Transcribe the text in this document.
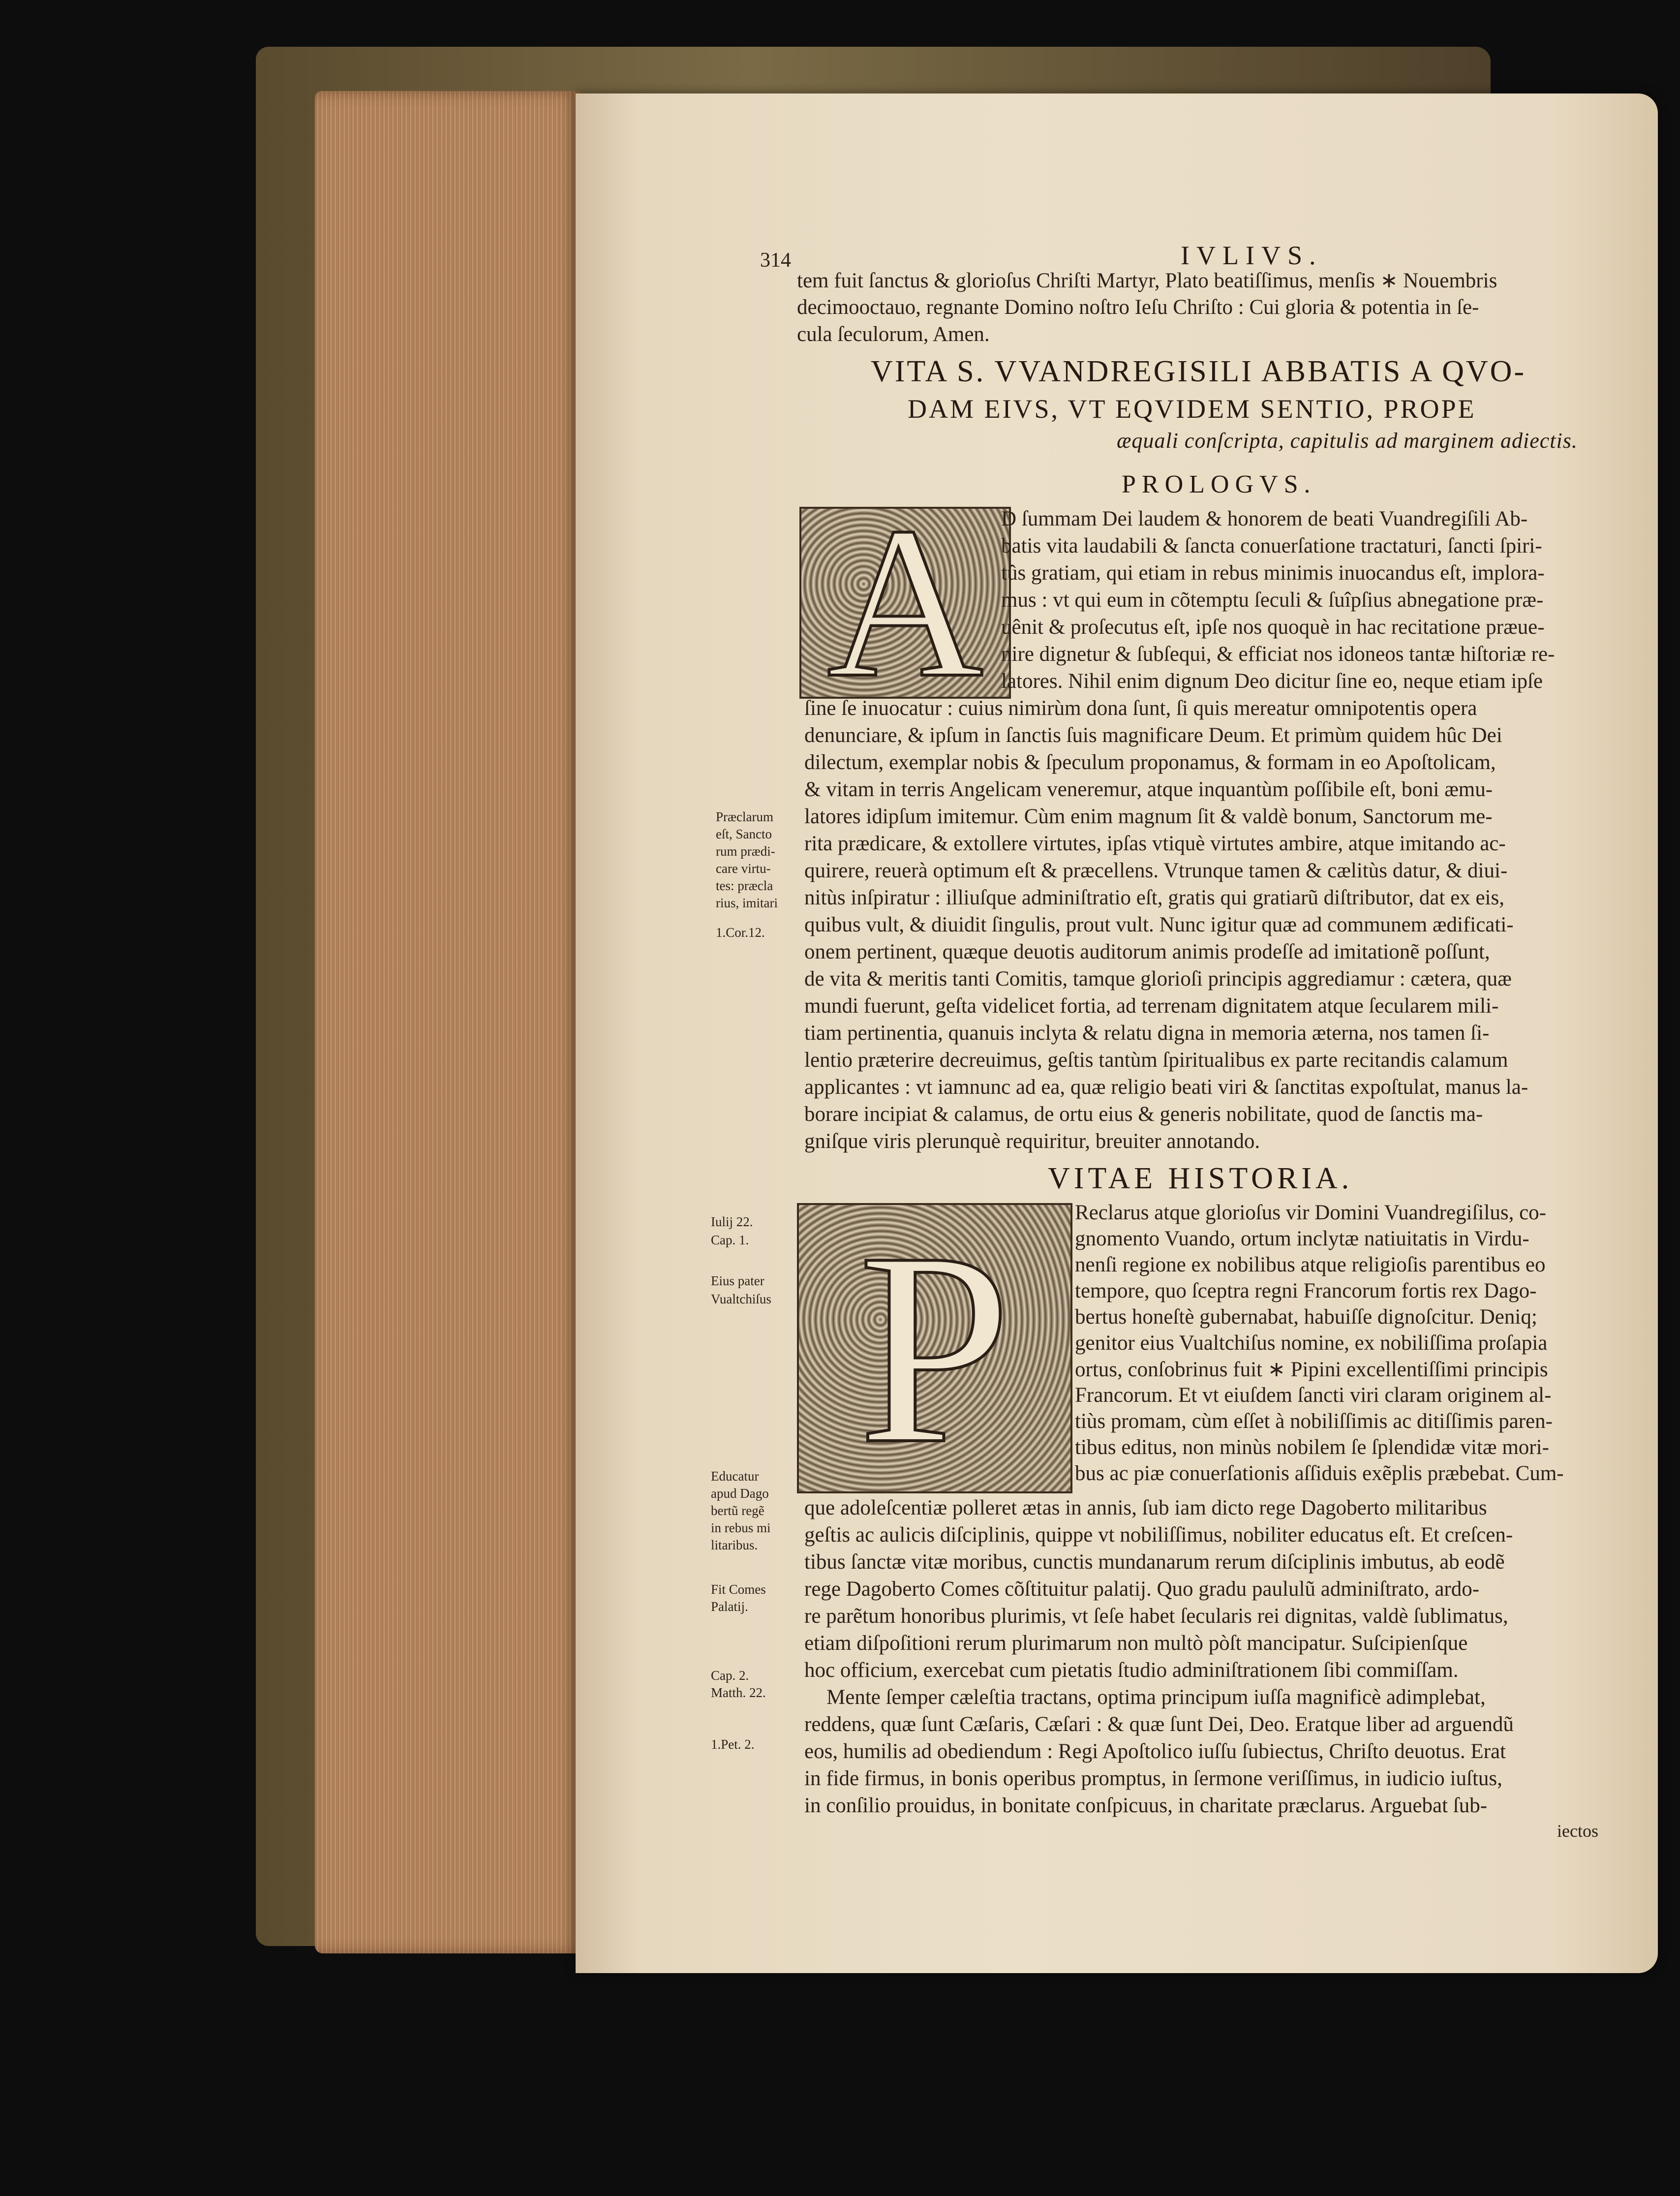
314	IVLIVS.
tem fuit ſanctus & glorioſus Chriſti Martyr, Plato beatiſſimus, menſis ∗ Nouembris
decimooctauo, regnante Domino noſtro Ieſu Chriſto : Cui gloria & potentia in ſe-
cula ſeculorum, Amen.
VITA S. VVANDREGISILI ABBATIS A QVO-
DAM EIVS, VT EQVIDEM SENTIO, PROPE
æquali conſcripta, capitulis ad marginem adiectis.
PROLOGVS.
A D ſummam Dei laudem & honorem de beati Vuandregiſili Ab-
batis vita laudabili & ſancta conuerſatione tractaturi, ſancti ſpiri-
tûs gratiam, qui etiam in rebus minimis inuocandus eſt, implora-
mus : vt qui eum in cõtemptu ſeculi & ſuîpſius abnegatione præ-
uênit & proſecutus eſt, ipſe nos quoquè in hac recitatione præue-
nire dignetur & ſubſequi, & efficiat nos idoneos tantæ hiſtoriæ re-
latores. Nihil enim dignum Deo dicitur ſine eo, neque etiam ipſe
ſine ſe inuocatur : cuius nimirùm dona ſunt, ſi quis mereatur omnipotentis opera
denunciare, & ipſum in ſanctis ſuis magnificare Deum. Et primùm quidem hûc Dei
dilectum, exemplar nobis & ſpeculum proponamus, & formam in eo Apoſtolicam,
& vitam in terris Angelicam veneremur, atque inquantùm poſſibile eſt, boni æmu-
latores idipſum imitemur. Cùm enim magnum ſit & valdè bonum, Sanctorum me-
rita prædicare, & extollere virtutes, ipſas vtiquè virtutes ambire, atque imitando ac-
quirere, reuerà optimum eſt & præcellens. Vtrunque tamen & cælitùs datur, & diui-
nitùs inſpiratur : illiuſque adminiſtratio eſt, gratis qui gratiarũ diſtributor, dat ex eis,
quibus vult, & diuidit ſingulis, prout vult. Nunc igitur quæ ad communem ædificati-
onem pertinent, quæque deuotis auditorum animis prodeſſe ad imitationẽ poſſunt,
de vita & meritis tanti Comitis, tamque glorioſi principis aggrediamur : cætera, quæ
mundi fuerunt, geſta videlicet fortia, ad terrenam dignitatem atque ſecularem mili-
tiam pertinentia, quanuis inclyta & relatu digna in memoria æterna, nos tamen ſi-
lentio præterire decreuimus, geſtis tantùm ſpiritualibus ex parte recitandis calamum
applicantes : vt iamnunc ad ea, quæ religio beati viri & ſanctitas expoſtulat, manus la-
borare incipiat & calamus, de ortu eius & generis nobilitate, quod de ſanctis ma-
gniſque viris plerunquè requiritur, breuiter annotando.
VITAE HISTORIA.
P	Reclarus atque glorioſus vir Domini Vuandregiſilus, co-
gnomento Vuando, ortum inclytæ natiuitatis in Virdu-
nenſi regione ex nobilibus atque religioſis parentibus eo
tempore, quo ſceptra regni Francorum fortis rex Dago-
bertus honeſtè gubernabat, habuiſſe dignoſcitur. Deniq;
genitor eius Vualtchiſus nomine, ex nobiliſſima proſapia
ortus, conſobrinus fuit ∗ Pipini excellentiſſimi principis
Francorum. Et vt eiuſdem ſancti viri claram originem al-
tiùs promam, cùm eſſet à nobiliſſimis ac ditiſſimis paren-
tibus editus, non minùs nobilem ſe ſplendidæ vitæ mori-
bus ac piæ conuerſationis aſſiduis exẽplis præbebat. Cum-
que adoleſcentiæ polleret ætas in annis, ſub iam dicto rege Dagoberto militaribus
geſtis ac aulicis diſciplinis, quippe vt nobiliſſimus, nobiliter educatus eſt. Et creſcen-
tibus ſanctæ vitæ moribus, cunctis mundanarum rerum diſciplinis imbutus, ab eodẽ
rege Dagoberto Comes cõſtituitur palatij. Quo gradu paululũ adminiſtrato, ardo-
re parẽtum honoribus plurimis, vt ſeſe habet ſecularis rei dignitas, valdè ſublimatus,
etiam diſpoſitioni rerum plurimarum non multò pòſt mancipatur. Suſcipienſque
hoc officium, exercebat cum pietatis ſtudio adminiſtrationem ſibi commiſſam.
Mente ſemper cæleſtia tractans, optima principum iuſſa magnificè adimplebat,
reddens, quæ ſunt Cæſaris, Cæſari : & quæ ſunt Dei, Deo. Eratque liber ad arguendũ
eos, humilis ad obediendum : Regi Apoſtolico iuſſu ſubiectus, Chriſto deuotus. Erat
in fide firmus, in bonis operibus promptus, in ſermone veriſſimus, in iudicio iuſtus,
in conſilio prouidus, in bonitate conſpicuus, in charitate præclarus. Arguebat ſub-
iectos
Præclarum
eſt, Sancto
rum prædi-
care virtu-
tes: præcla
rius, imitari
1.Cor.12.
Iulij 22.
Cap. 1.
Eius pater
Vualtchiſus
Educatur
apud Dago
bertũ regẽ
in rebus mi
litaribus.
Fit Comes
Palatij.
Cap. 2.
Matth. 22.
1.Pet. 2.
